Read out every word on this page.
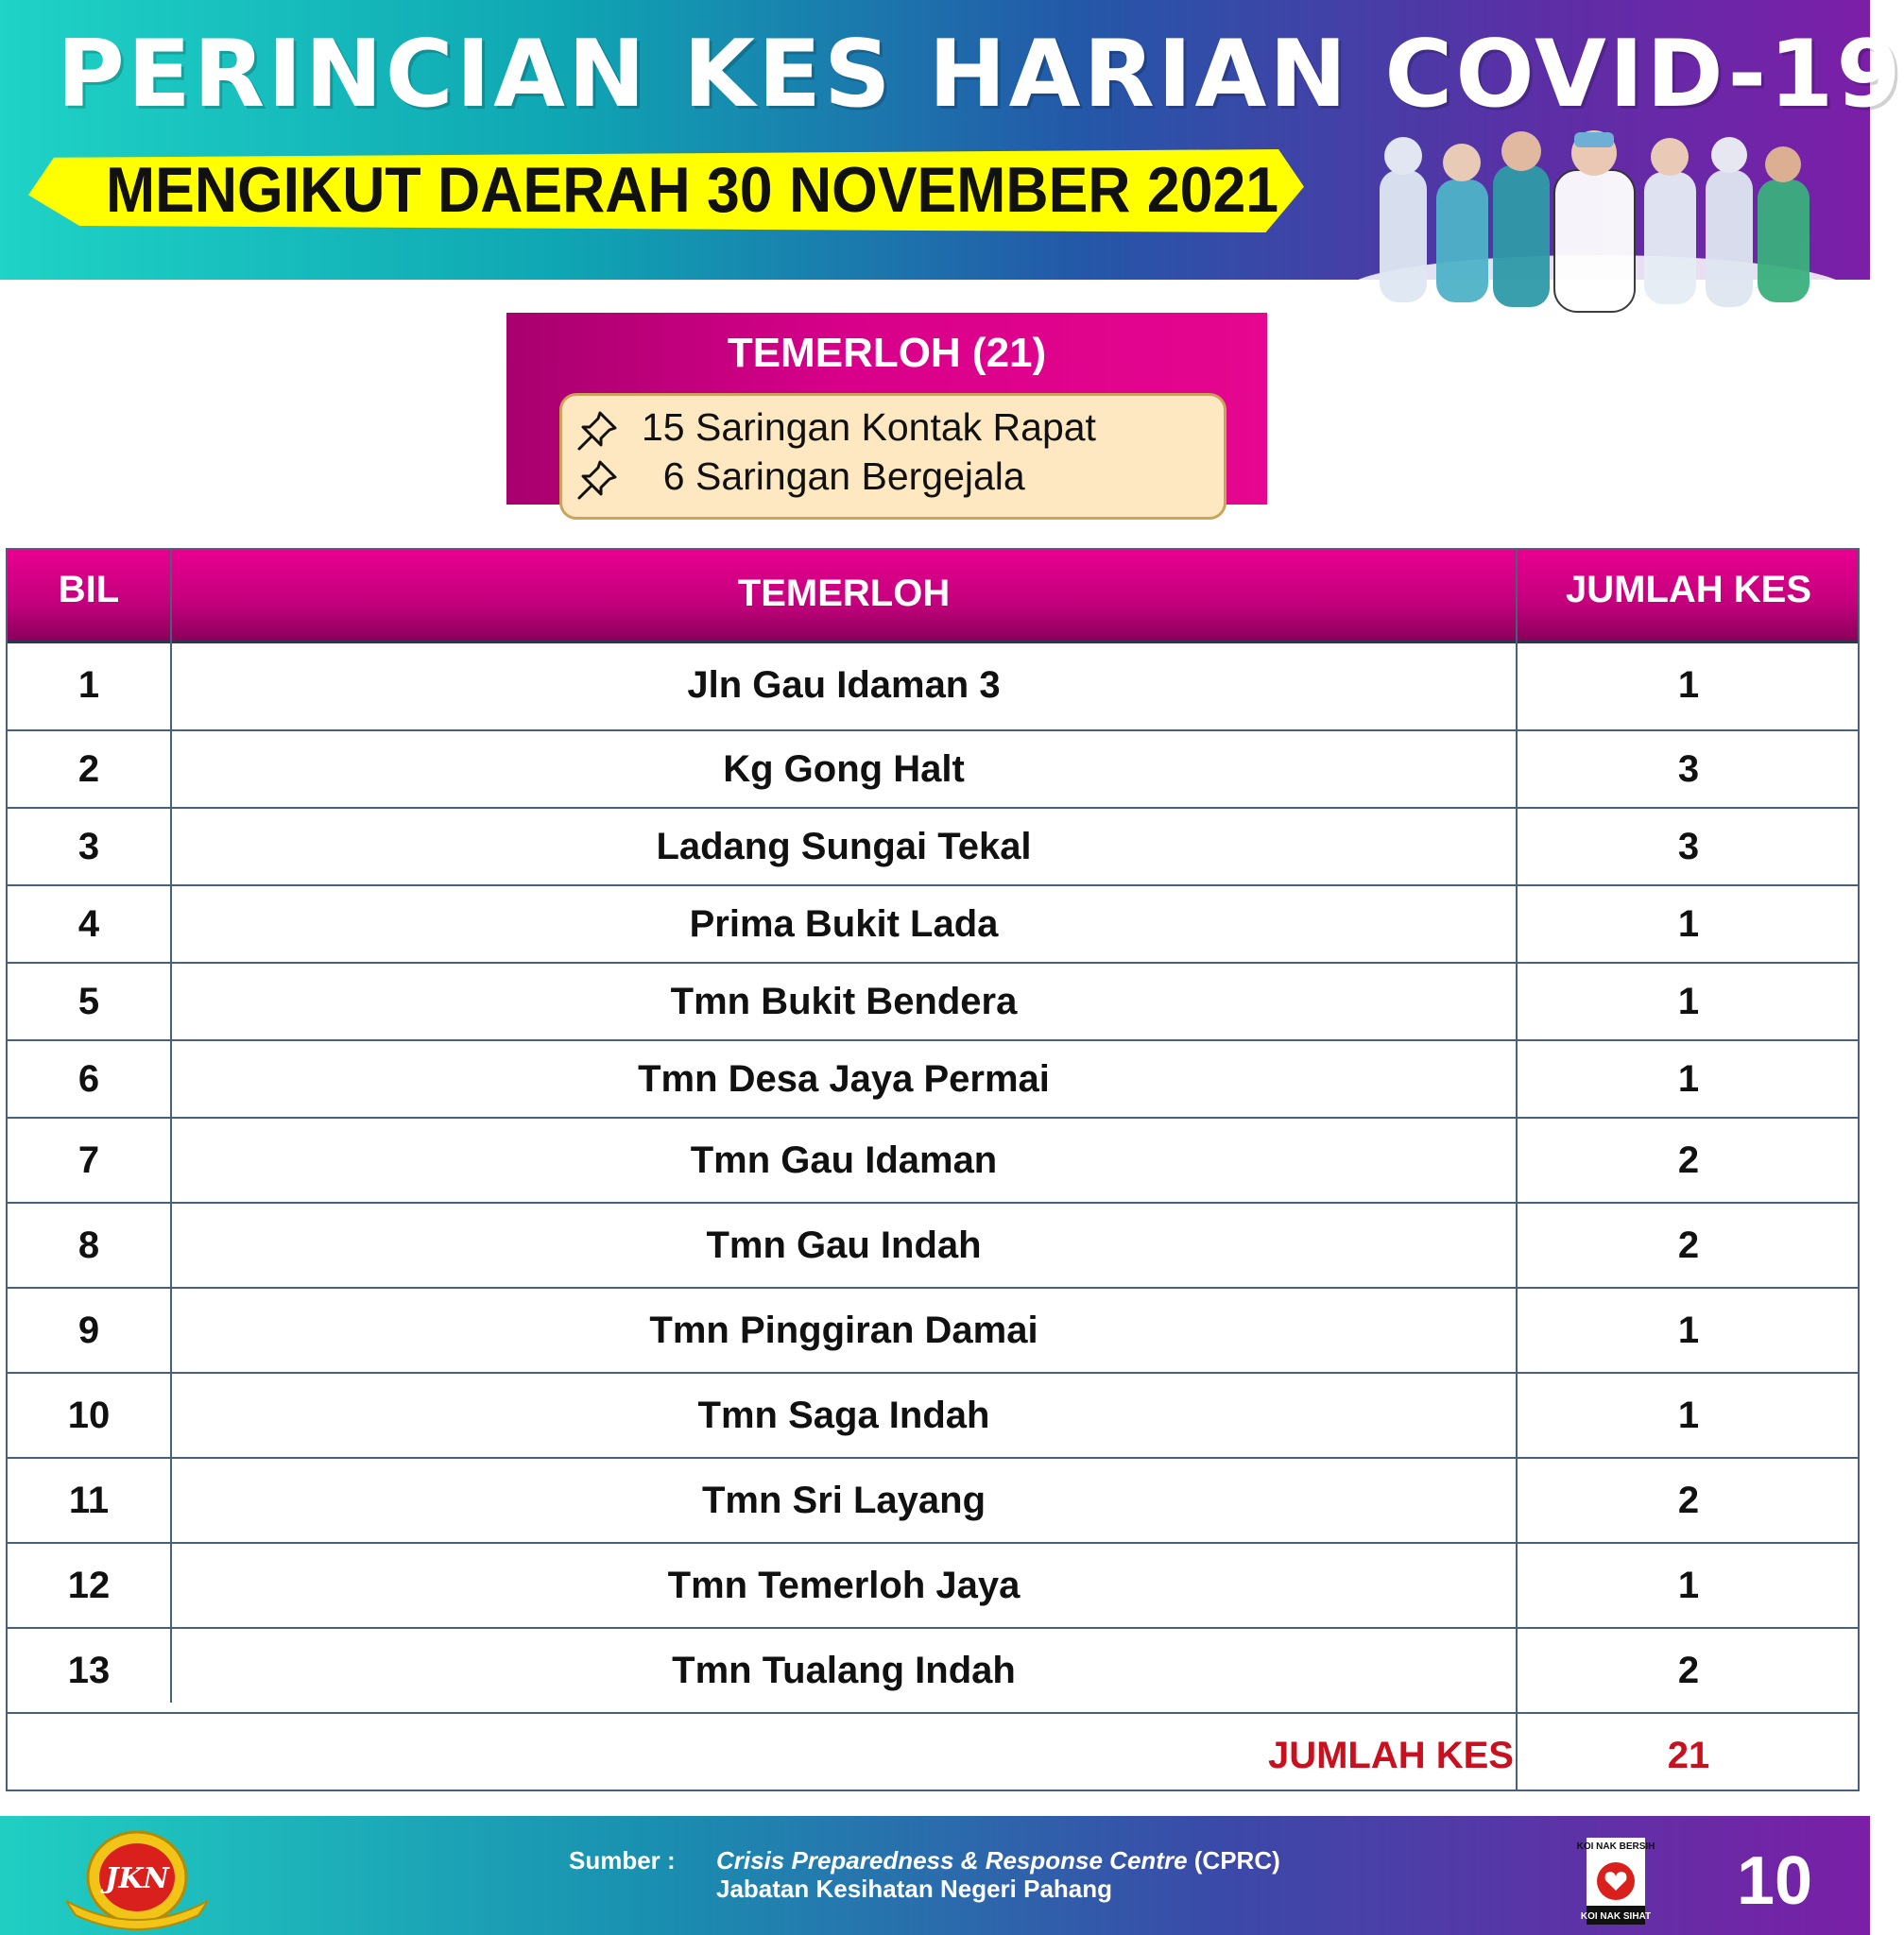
PERINCIAN KES HARIAN COVID-19
MENGIKUT DAERAH 30 NOVEMBER 2021
TEMERLOH (21)
15 Saringan Kontak Rapat
6 Saringan Bergejala
BIL	TEMERLOH	JUMLAH KES
1	Jln Gau Idaman 3	1
2	Kg Gong Halt	3
3	Ladang Sungai Tekal	3
4	Prima Bukit Lada	1
5	Tmn Bukit Bendera	1
6	Tmn Desa Jaya Permai	1
7	Tmn Gau Idaman	2
8	Tmn Gau Indah	2
9	Tmn Pinggiran Damai	1
10	Tmn Saga Indah	1
11	Tmn Sri Layang	2
12	Tmn Temerloh Jaya	1
13	Tmn Tualang Indah	2
JUMLAH KES	21
JKN
Sumber : Crisis Preparedness & Response Centre (CPRC)
Jabatan Kesihatan Negeri Pahang
KOI NAK BERSIH
KOI NAK SIHAT 10
